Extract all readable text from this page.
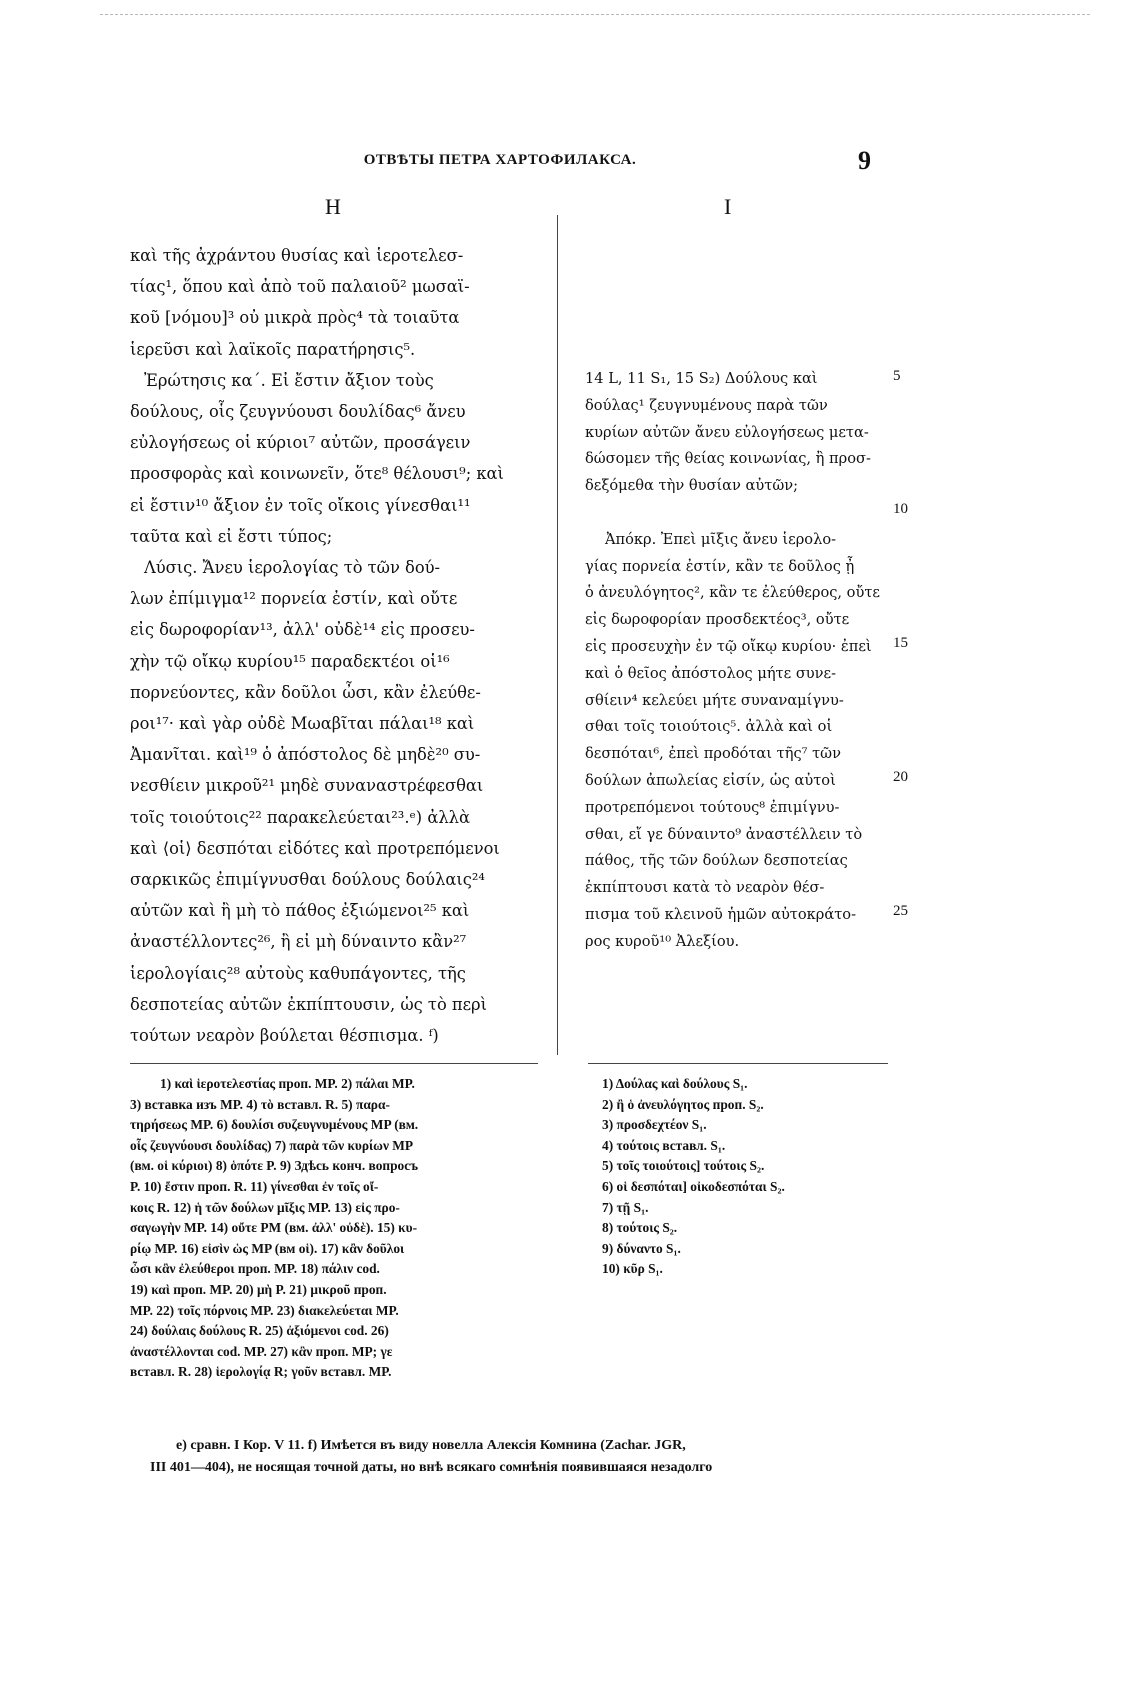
ОТВѢТЫ ПЕТРА ХАРТОФИЛАКСА.	9
Η	Ι
καὶ τῆς ἀχράντου θυσίας καὶ ἱεροτελεσ-
τίας¹, ὅπου καὶ ἀπὸ τοῦ παλαιοῦ² μωσαϊ-
κοῦ [νόμου]³ οὐ μικρὰ πρὸς⁴ τὰ τοιαῦτα
ἱερεῦσι καὶ λαϊκοῖς παρατήρησις⁵.
Ἐρώτησις κα΄. Εἰ ἔστιν ἄξιον τοὺς
δούλους, οἷς ζευγνύουσι δουλίδας⁶ ἄνευ
εὐλογήσεως οἱ κύριοι⁷ αὐτῶν, προσάγειν
προσφορὰς καὶ κοινωνεῖν, ὅτε⁸ θέλουσι⁹; καὶ
εἰ ἔστιν¹⁰ ἄξιον ἐν τοῖς οἴκοις γίνεσθαι¹¹
ταῦτα καὶ εἰ ἔστι τύπος;
Λύσις. Ἄνευ ἱερολογίας τὸ τῶν δού-
λων ἐπίμιγμα¹² πορνεία ἐστίν, καὶ οὔτε
εἰς δωροφορίαν¹³, ἀλλ' οὐδὲ¹⁴ εἰς προσευ-
χὴν τῷ οἴκῳ κυρίου¹⁵ παραδεκτέοι οἱ¹⁶
πορνεύοντες, κἂν δοῦλοι ὦσι, κἂν ἐλεύθε-
ροι¹⁷· καὶ γὰρ οὐδὲ Μωαβῖται πάλαι¹⁸ καὶ
Ἀμανῖται. καὶ¹⁹ ὁ ἀπόστολος δὲ μηδὲ²⁰ συ-
νεσθίειν μικροῦ²¹ μηδὲ συναναστρέφεσθαι
τοῖς τοιούτοις²² παρακελεύεται²³.ᵉ) ἀλλὰ
καὶ ⟨οἱ⟩ δεσπόται εἰδότες καὶ προτρεπόμενοι
σαρκικῶς ἐπιμίγνυσθαι δούλους δούλαις²⁴
αὐτῶν καὶ ἢ μὴ τὸ πάθος ἐξιώμενοι²⁵ καὶ
ἀναστέλλοντες²⁶, ἢ εἰ μὴ δύναιντο κἂν²⁷
ἱερολογίαις²⁸ αὐτοὺς καθυπάγοντες, τῆς
δεσποτείας αὐτῶν ἐκπίπτουσιν, ὡς τὸ περὶ
τούτων νεαρὸν βούλεται θέσπισμα. ᶠ)
14 L, 11 S₁, 15 S₂) Δούλους καὶ
δούλας¹ ζευγνυμένους παρὰ τῶν
κυρίων αὐτῶν ἄνευ εὐλογήσεως μετα-
δώσομεν τῆς θείας κοινωνίας, ἢ προσ-
δεξόμεθα τὴν θυσίαν αὐτῶν;
Ἀπόκρ. Ἐπεὶ μῖξις ἄνευ ἱερολο-
γίας πορνεία ἐστίν, κἂν τε δοῦλος ᾖ
ὁ ἀνευλόγητος², κἂν τε ἐλεύθερος, οὔτε
εἰς δωροφορίαν προσδεκτέος³, οὔτε
εἰς προσευχὴν ἐν τῷ οἴκῳ κυρίου· ἐπεὶ
καὶ ὁ θεῖος ἀπόστολος μήτε συνε-
σθίειν⁴ κελεύει μήτε συναναμίγνυ-
σθαι τοῖς τοιούτοις⁵. ἀλλὰ καὶ οἱ
δεσπόται⁶, ἐπεὶ προδόται τῆς⁷ τῶν
δούλων ἀπωλείας εἰσίν, ὡς αὐτοὶ
προτρεπόμενοι τούτους⁸ ἐπιμίγνυ-
σθαι, εἴ γε δύναιντο⁹ ἀναστέλλειν τὸ
πάθος, τῆς τῶν δούλων δεσποτείας
ἐκπίπτουσι κατὰ τὸ νεαρὸν θέσ-
πισμα τοῦ κλεινοῦ ἡμῶν αὐτοκράτο-
ρος κυροῦ¹⁰ Ἀλεξίου.
5
10
15
20
25
1) καὶ ἱεροτελεστίας проп. MP. 2) πάλαι MP.
3) вставка изъ MP. 4) τὸ вставл. R. 5) παρα-
τηρήσεως MP. 6) δουλίσι συζευγνυμένους MP (вм.
οἷς ζευγνύουσι δουλίδας) 7) παρὰ τῶν κυρίων MP
(вм. οἱ κύριοι) 8) ὁπότε P. 9) Здѣсь конч. вопросъ
P. 10) ἔστιν проп. R. 11) γίνεσθαι ἐν τοῖς οἴ-
κοις R. 12) ἡ τῶν δούλων μῖξις MP. 13) εἰς προ-
σαγωγὴν MP. 14) οὔτε PM (вм. ἀλλ' οὐδὲ). 15) κυ-
ρίῳ MP. 16) εἰσὶν ὡς MP (вм οἱ). 17) κἂν δοῦλοι
ὦσι κἂν ἐλεύθεροι проп. MP. 18) πάλιν cod.
19) καὶ проп. MP. 20) μὴ P. 21) μικροῦ проп.
MP. 22) τοῖς πόρνοις MP. 23) διακελεύεται MP.
24) δούλαις δούλους R. 25) ἀξιόμενοι cod. 26)
ἀναστέλλονται cod. MP. 27) κἂν проп. MP; γε
вставл. R. 28) ἱερολογίᾳ R; γοῦν вставл. MP.
1) Δούλας καὶ δούλους S₁.
2) ἢ ὁ ἀνευλόγητος проп. S₂.
3) προσδεχτέον S₁.
4) τούτοις вставл. S₁.
5) τοῖς τοιούτοις] τούτοις S₂.
6) οἱ δεσπόται] οἰκοδεσπόται S₂.
7) τῇ S₁.
8) τούτοις S₂.
9) δύναντο S₁.
10) κῦρ S₁.
e) сравн. I Кор. V 11. f) Имѣется въ виду новелла Алексія Комнина (Zachar. JGR,
III 401—404), не носящая точной даты, но внѣ всякаго сомнѣнія появившаяся незадолго
